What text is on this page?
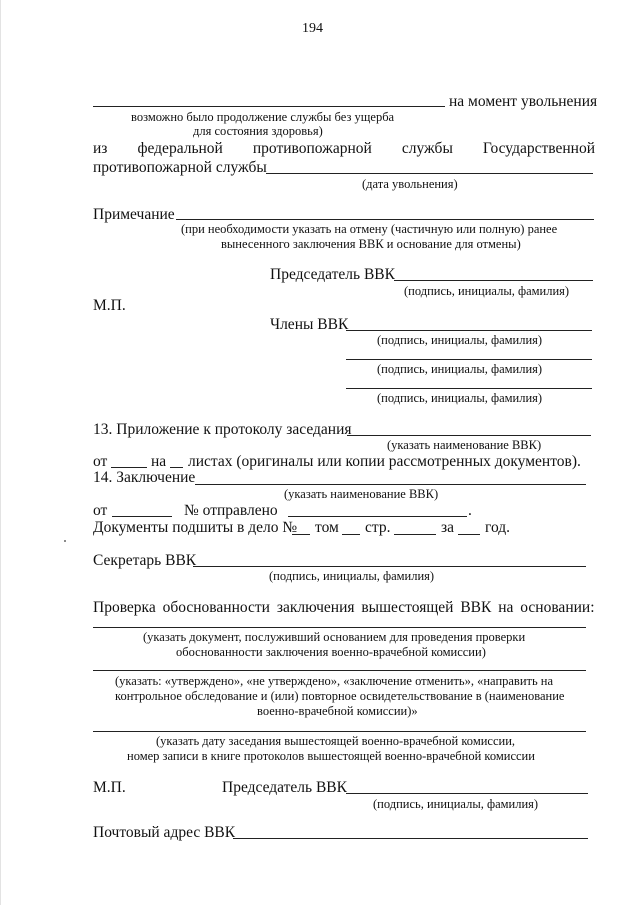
194
на момент увольнения
возможно было продолжение службы без ущерба
для состояния здоровья)
из федеральной противопожарной службы Государственной
противопожарной службы
(дата увольнения)
Примечание
(при необходимости указать на отмену (частичную или полную) ранее
вынесенного заключения ВВК и основание для отмены)
Председатель ВВК
(подпись, инициалы, фамилия)
М.П.
Члены ВВК
(подпись, инициалы, фамилия)
(подпись, инициалы, фамилия)
(подпись, инициалы, фамилия)
13. Приложение к протоколу заседания
(указать наименование ВВК)
от	на листах (оригиналы или копии рассмотренных документов).
14. Заключение
(указать наименование ВВК)
от	№ отправлено	.
Документы подшиты в дело № том стр.	за год.
Секретарь ВВК
(подпись, инициалы, фамилия)
Проверка обоснованности заключения вышестоящей ВВК на основании:
(указать документ, послуживший основанием для проведения проверки
обоснованности заключения военно-врачебной комиссии)
(указать: «утверждено», «не утверждено», «заключение отменить», «направить на
контрольное обследование и (или) повторное освидетельствование в (наименование
военно-врачебной комиссии)»
(указать дату заседания вышестоящей военно-врачебной комиссии,
номер записи в книге протоколов вышестоящей военно-врачебной комиссии
М.П.	Председатель ВВК
(подпись, инициалы, фамилия)
Почтовый адрес ВВК
